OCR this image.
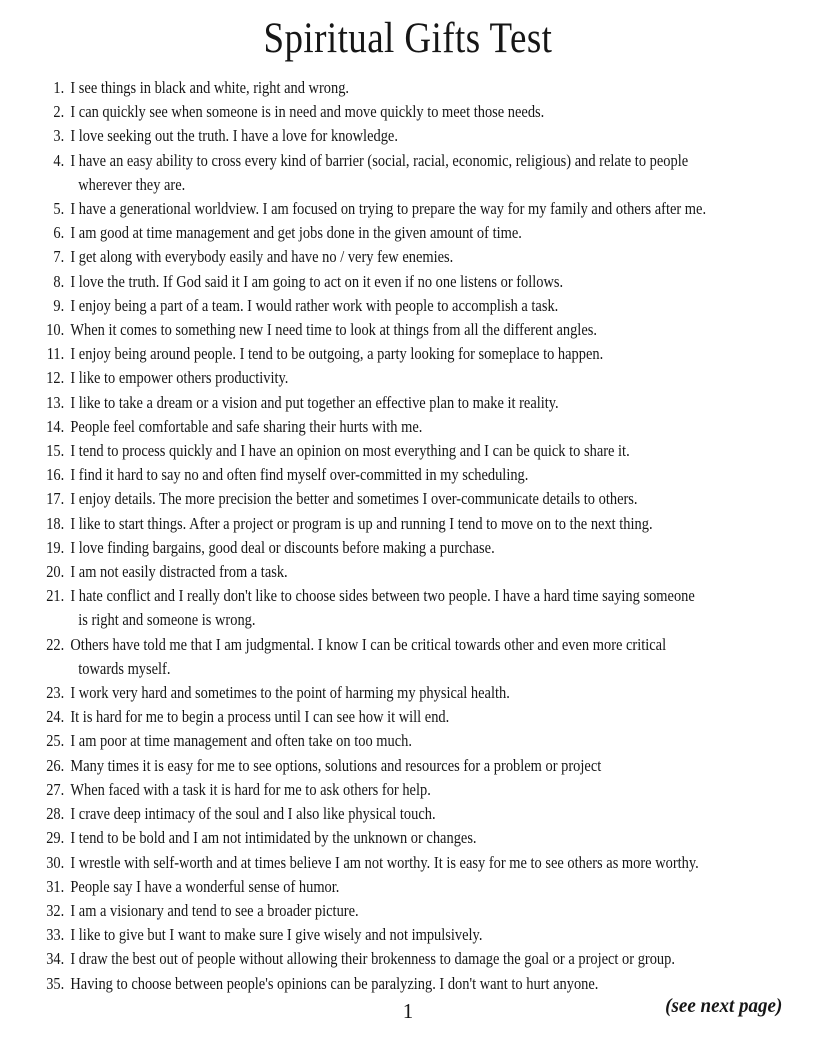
Spiritual Gifts Test
1. I see things in black and white, right and wrong.
2. I can quickly see when someone is in need and move quickly to meet those needs.
3. I love seeking out the truth. I have a love for knowledge.
4. I have an easy ability to cross every kind of barrier (social, racial, economic, religious) and relate to people
wherever they are.
5. I have a generational worldview. I am focused on trying to prepare the way for my family and others after me.
6. I am good at time management and get jobs done in the given amount of time.
7. I get along with everybody easily and have no / very few enemies.
8. I love the truth. If God said it I am going to act on it even if no one listens or follows.
9. I enjoy being a part of a team. I would rather work with people to accomplish a task.
10. When it comes to something new I need time to look at things from all the different angles.
11. I enjoy being around people. I tend to be outgoing, a party looking for someplace to happen.
12. I like to empower others productivity.
13. I like to take a dream or a vision and put together an effective plan to make it reality.
14. People feel comfortable and safe sharing their hurts with me.
15. I tend to process quickly and I have an opinion on most everything and I can be quick to share it.
16. I find it hard to say no and often find myself over-committed in my scheduling.
17. I enjoy details. The more precision the better and sometimes I over-communicate details to others.
18. I like to start things. After a project or program is up and running I tend to move on to the next thing.
19. I love finding bargains, good deal or discounts before making a purchase.
20. I am not easily distracted from a task.
21. I hate conflict and I really don't like to choose sides between two people. I have a hard time saying someone
is right and someone is wrong.
22. Others have told me that I am judgmental. I know I can be critical towards other and even more critical
towards myself.
23. I work very hard and sometimes to the point of harming my physical health.
24. It is hard for me to begin a process until I can see how it will end.
25. I am poor at time management and often take on too much.
26. Many times it is easy for me to see options, solutions and resources for a problem or project
27. When faced with a task it is hard for me to ask others for help.
28. I crave deep intimacy of the soul and I also like physical touch.
29. I tend to be bold and I am not intimidated by the unknown or changes.
30. I wrestle with self-worth and at times believe I am not worthy. It is easy for me to see others as more worthy.
31. People say I have a wonderful sense of humor.
32. I am a visionary and tend to see a broader picture.
33. I like to give but I want to make sure I give wisely and not impulsively.
34. I draw the best out of people without allowing their brokenness to damage the goal or a project or group.
35. Having to choose between people's opinions can be paralyzing. I don't want to hurt anyone.
1	(see next page)
